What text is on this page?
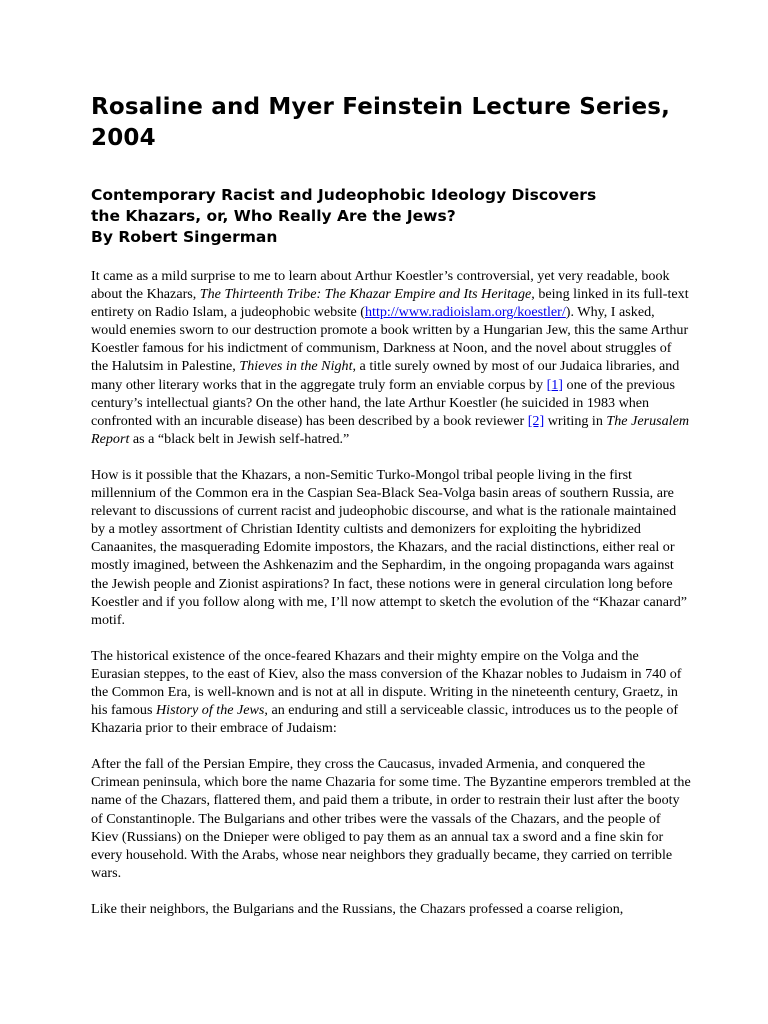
Rosaline and Myer Feinstein Lecture Series, 2004
Contemporary Racist and Judeophobic Ideology Discovers
the Khazars, or, Who Really Are the Jews?
By Robert Singerman

It came as a mild surprise to me to learn about Arthur Koestler’s controversial, yet very readable, book about the Khazars, The Thirteenth Tribe: The Khazar Empire and Its Heritage, being linked in its full-text entirety on Radio Islam, a judeophobic website (http://www.radioislam.org/koestler/). Why, I asked, would enemies sworn to our destruction promote a book written by a Hungarian Jew, this the same Arthur Koestler famous for his indictment of communism, Darkness at Noon, and the novel about struggles of the Halutsim in Palestine, Thieves in the Night, a title surely owned by most of our Judaica libraries, and many other literary works that in the aggregate truly form an enviable corpus by [1] one of the previous century’s intellectual giants? On the other hand, the late Arthur Koestler (he suicided in 1983 when confronted with an incurable disease) has been described by a book reviewer [2] writing in The Jerusalem Report as a “black belt in Jewish self-hatred.”

How is it possible that the Khazars, a non-Semitic Turko-Mongol tribal people living in the first millennium of the Common era in the Caspian Sea-Black Sea-Volga basin areas of southern Russia, are relevant to discussions of current racist and judeophobic discourse, and what is the rationale maintained by a motley assortment of Christian Identity cultists and demonizers for exploiting the hybridized Canaanites, the masquerading Edomite impostors, the Khazars, and the racial distinctions, either real or mostly imagined, between the Ashkenazim and the Sephardim, in the ongoing propaganda wars against the Jewish people and Zionist aspirations? In fact, these notions were in general circulation long before Koestler and if you follow along with me, I’ll now attempt to sketch the evolution of the “Khazar canard” motif.

The historical existence of the once-feared Khazars and their mighty empire on the Volga and the Eurasian steppes, to the east of Kiev, also the mass conversion of the Khazar nobles to Judaism in 740 of the Common Era, is well-known and is not at all in dispute. Writing in the nineteenth century, Graetz, in his famous History of the Jews, an enduring and still a serviceable classic, introduces us to the people of Khazaria prior to their embrace of Judaism:

After the fall of the Persian Empire, they cross the Caucasus, invaded Armenia, and conquered the Crimean peninsula, which bore the name Chazaria for some time. The Byzantine emperors trembled at the name of the Chazars, flattered them, and paid them a tribute, in order to restrain their lust after the booty of Constantinople. The Bulgarians and other tribes were the vassals of the Chazars, and the people of Kiev (Russians) on the Dnieper were obliged to pay them as an annual tax a sword and a fine skin for every household. With the Arabs, whose near neighbors they gradually became, they carried on terrible wars.

Like their neighbors, the Bulgarians and the Russians, the Chazars professed a coarse religion,
